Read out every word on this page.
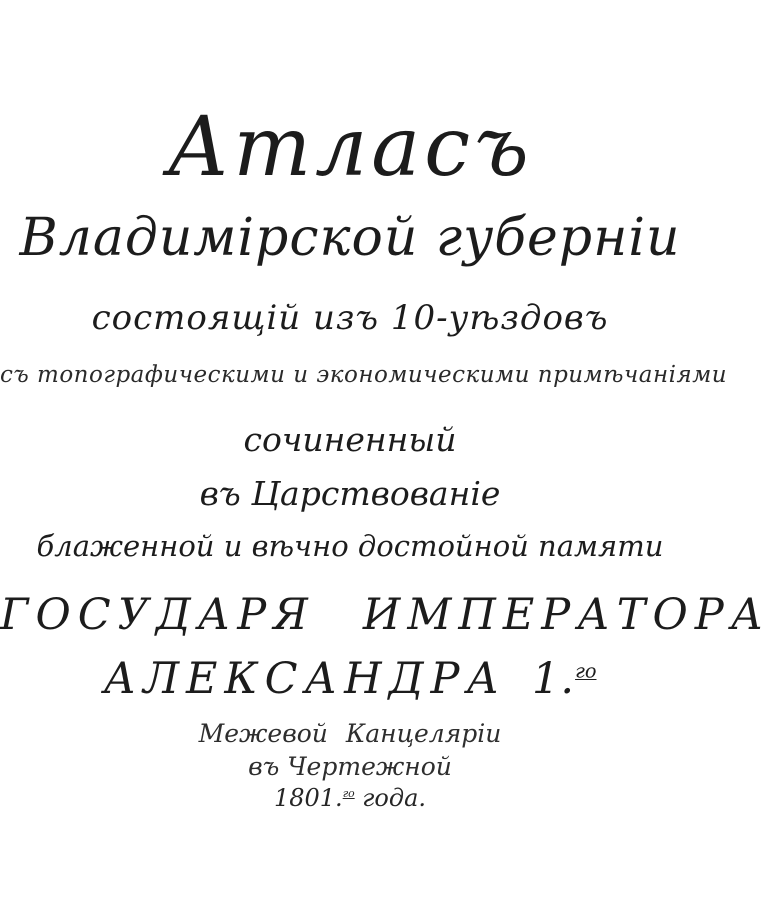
Атласъ
Владимірской губерніи
состоящій изъ 10-уѣздовъ
съ топографическими и экономическими примѣчаніями
сочиненный
въ Царствованіе
блаженной и вѣчно достойной памяти
ГОСУДАРЯ ИМПЕРАТОРА
АЛЕКСАНДРА 1.$^{го}$
Межевой Канцеляріи
въ Чертежной
1801.$^{го}$ года.
